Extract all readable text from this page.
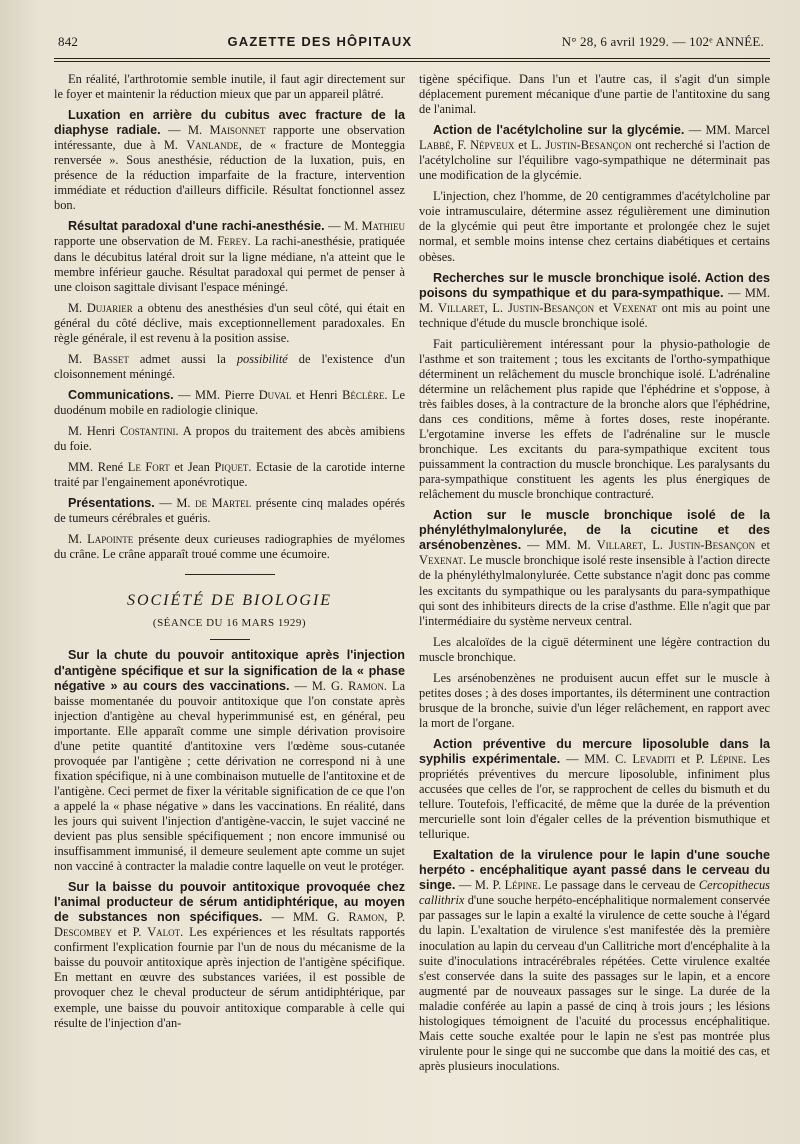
842	GAZETTE DES HÔPITAUX	N° 28, 6 avril 1929. — 102ᵉ ANNÉE.

En réalité, l'arthrotomie semble inutile, il faut agir directement sur le foyer et maintenir la réduction mieux que par un appareil plâtré.

Luxation en arrière du cubitus avec fracture de la diaphyse radiale. — M. Maisonnet rapporte une observation intéressante, due à M. Vanlande, de « fracture de Monteggia renversée ». Sous anesthésie, réduction de la luxation, puis, en présence de la réduction imparfaite de la fracture, intervention immédiate et réduction d'ailleurs difficile. Résultat fonctionnel assez bon.

Résultat paradoxal d'une rachi-anesthésie. — M. Mathieu rapporte une observation de M. Ferey. La rachi-anesthésie, pratiquée dans le décubitus latéral droit sur la ligne médiane, n'a atteint que le membre inférieur gauche. Résultat paradoxal qui permet de penser à une cloison sagittale divisant l'espace méningé.

M. Dujarier a obtenu des anesthésies d'un seul côté, qui était en général du côté déclive, mais exceptionnellement paradoxales. En règle générale, il est revenu à la position assise.

M. Basset admet aussi la possibilité de l'existence d'un cloisonnement méningé.

Communications. — MM. Pierre Duval et Henri Béclère. Le duodénum mobile en radiologie clinique.

M. Henri Costantini. A propos du traitement des abcès amibiens du foie.

MM. René Le Fort et Jean Piquet. Ectasie de la carotide interne traité par l'engainement aponévrotique.

Présentations. — M. de Martel présente cinq malades opérés de tumeurs cérébrales et guéris.

M. Lapointe présente deux curieuses radiographies de myélomes du crâne. Le crâne apparaît troué comme une écumoire.

SOCIÉTÉ DE BIOLOGIE
(SÉANCE DU 16 MARS 1929)

Sur la chute du pouvoir antitoxique après l'injection d'antigène spécifique et sur la signification de la « phase négative » au cours des vaccinations. — M. G. Ramon. La baisse momentanée du pouvoir antitoxique que l'on constate après injection d'antigène au cheval hyperimmunisé est, en général, peu importante. Elle apparaît comme une simple dérivation provisoire d'une petite quantité d'antitoxine vers l'œdème sous-cutanée provoquée par l'antigène ; cette dérivation ne correspond ni à une fixation spécifique, ni à une combinaison mutuelle de l'antitoxine et de l'antigène. Ceci permet de fixer la véritable signification de ce que l'on a appelé la « phase négative » dans les vaccinations. En réalité, dans les jours qui suivent l'injection d'antigène-vaccin, le sujet vacciné ne devient pas plus sensible spécifiquement ; non encore immunisé ou insuffisamment immunisé, il demeure seulement apte comme un sujet non vacciné à contracter la maladie contre laquelle on veut le protéger.

Sur la baisse du pouvoir antitoxique provoquée chez l'animal producteur de sérum antidiphtérique, au moyen de substances non spécifiques. — MM. G. Ramon, P. Descombey et P. Valot. Les expériences et les résultats rapportés confirment l'explication fournie par l'un de nous du mécanisme de la baisse du pouvoir antitoxique après injection de l'antigène spécifique. En mettant en œuvre des substances variées, il est possible de provoquer chez le cheval producteur de sérum antidiphtérique, par exemple, une baisse du pouvoir antitoxique comparable à celle qui résulte de l'injection d'an-

tigène spécifique. Dans l'un et l'autre cas, il s'agit d'un simple déplacement purement mécanique d'une partie de l'antitoxine du sang de l'animal.

Action de l'acétylcholine sur la glycémie. — MM. Marcel Labbé, F. Népveux et L. Justin-Besançon ont recherché si l'action de l'acétylcholine sur l'équilibre vago-sympathique ne déterminait pas une modification de la glycémie.

L'injection, chez l'homme, de 20 centigrammes d'acétylcholine par voie intramusculaire, détermine assez régulièrement une diminution de la glycémie qui peut être importante et prolongée chez le sujet normal, et semble moins intense chez certains diabétiques et certains obèses.

Recherches sur le muscle bronchique isolé. Action des poisons du sympathique et du para-sympathique. — MM. M. Villaret, L. Justin-Besançon et Vexenat ont mis au point une technique d'étude du muscle bronchique isolé.

Fait particulièrement intéressant pour la physio-pathologie de l'asthme et son traitement ; tous les excitants de l'ortho-sympathique déterminent un relâchement du muscle bronchique isolé. L'adrénaline détermine un relâchement plus rapide que l'éphédrine et s'oppose, à très faibles doses, à la contracture de la bronche alors que l'éphédrine, dans ces conditions, même à fortes doses, reste inopérante. L'ergotamine inverse les effets de l'adrénaline sur le muscle bronchique. Les excitants du para-sympathique excitent tous puissamment la contraction du muscle bronchique. Les paralysants du para-sympathique constituent les agents les plus énergiques de relâchement du muscle bronchique contracturé.

Action sur le muscle bronchique isolé de la phényléthylmalonylurée, de la cicutine et des arsénobenzènes. — MM. M. Villaret, L. Justin-Besançon et Vexenat. Le muscle bronchique isolé reste insensible à l'action directe de la phényléthylmalonylurée. Cette substance n'agit donc pas comme les excitants du sympathique ou les paralysants du para-sympathique qui sont des inhibiteurs directs de la crise d'asthme. Elle n'agit que par l'intermédiaire du système nerveux central.

Les alcaloïdes de la ciguë déterminent une légère contraction du muscle bronchique.

Les arsénobenzènes ne produisent aucun effet sur le muscle à petites doses ; à des doses importantes, ils déterminent une contraction brusque de la bronche, suivie d'un léger relâchement, en rapport avec la mort de l'organe.

Action préventive du mercure liposoluble dans la syphilis expérimentale. — MM. C. Levaditi et P. Lépine. Les propriétés préventives du mercure liposoluble, infiniment plus accusées que celles de l'or, se rapprochent de celles du bismuth et du tellure. Toutefois, l'efficacité, de même que la durée de la prévention mercurielle sont loin d'égaler celles de la prévention bismuthique et tellurique.

Exaltation de la virulence pour le lapin d'une souche herpéto - encéphalitique ayant passé dans le cerveau du singe. — M. P. Lépine. Le passage dans le cerveau de Cercopithecus callithrix d'une souche herpéto-encéphalitique normalement conservée par passages sur le lapin a exalté la virulence de cette souche à l'égard du lapin. L'exaltation de virulence s'est manifestée dès la première inoculation au lapin du cerveau d'un Callitriche mort d'encéphalite à la suite d'inoculations intracérébrales répétées. Cette virulence exaltée s'est conservée dans la suite des passages sur le lapin, et a encore augmenté par de nouveaux passages sur le singe. La durée de la maladie conférée au lapin a passé de cinq à trois jours ; les lésions histologiques témoignent de l'acuité du processus encéphalitique. Mais cette souche exaltée pour le lapin ne s'est pas montrée plus virulente pour le singe qui ne succombe que dans la moitié des cas, et après plusieurs inoculations.
